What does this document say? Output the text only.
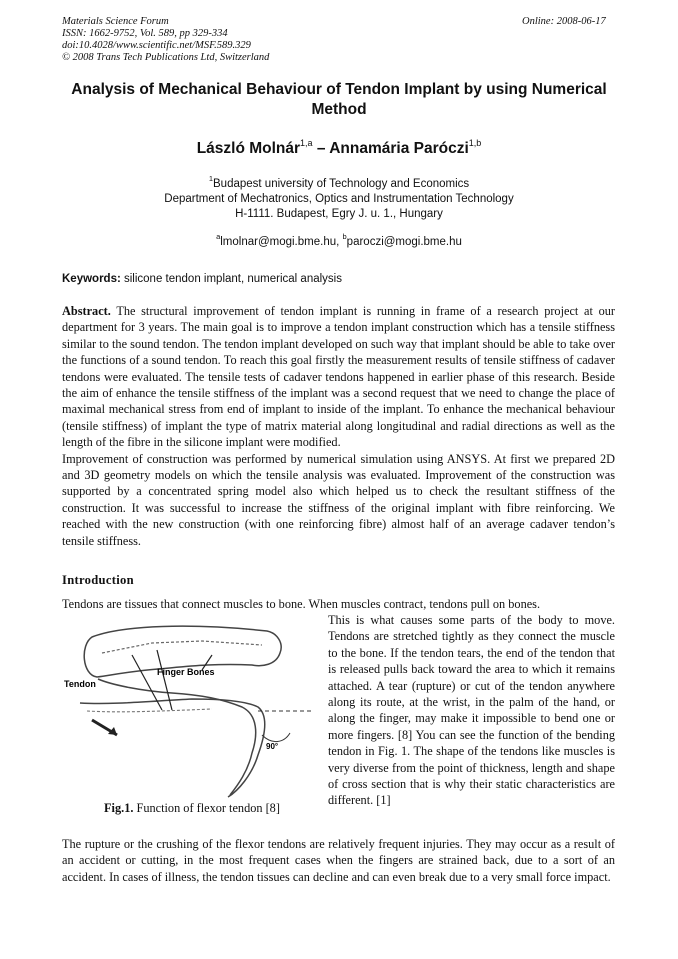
Materials Science Forum
ISSN: 1662-9752, Vol. 589, pp 329-334
doi:10.4028/www.scientific.net/MSF.589.329
© 2008 Trans Tech Publications Ltd, Switzerland
Online: 2008-06-17
Analysis of Mechanical Behaviour of Tendon Implant by using Numerical Method
László Molnár$^{1,a}$ – Annamária Paróczi$^{1,b}$
$^1$Budapest university of Technology and Economics
Department of Mechatronics, Optics and Instrumentation Technology
H-1111. Budapest, Egry J. u. 1., Hungary
$^a$lmolnar@mogi.bme.hu, $^b$paroczi@mogi.bme.hu
Keywords: silicone tendon implant, numerical analysis

Abstract. The structural improvement of tendon implant is running in frame of a research project at our department for 3 years. The main goal is to improve a tendon implant construction which has a tensile stiffness similar to the sound tendon. The tendon implant developed on such way that implant should be able to take over the functions of a sound tendon. To reach this goal firstly the measurement results of tensile stiffness of cadaver tendons were evaluated. The tensile tests of cadaver tendons happened in earlier phase of this research. Beside the aim of enhance the tensile stiffness of the implant was a second request that we need to change the place of maximal mechanical stress from end of implant to inside of the implant. To enhance the mechanical behaviour (tensile stiffness) of implant the type of matrix material along longitudinal and radial directions as well as the length of the fibre in the silicone implant were modified.

Improvement of construction was performed by numerical simulation using ANSYS. At first we prepared 2D and 3D geometry models on which the tensile analysis was evaluated. Improvement of the construction was supported by a concentrated spring model also which helped us to check the resultant stiffness of the construction. It was successful to increase the stiffness of the original implant with fibre reinforcing. We reached with the new construction (with one reinforcing fibre) almost half of an average cadaver tendon’s tensile stiffness.

Introduction
Tendons are tissues that connect muscles to bone. When muscles contract, tendons pull on bones.
Finger Bones
Tendon
90°
This is what causes some parts of the body to move. Tendons are stretched tightly as they connect the muscle to the bone. If the tendon tears, the end of the tendon that is released pulls back toward the area to which it remains attached. A tear (rupture) or cut of the tendon anywhere along its route, at the wrist, in the palm of the hand, or along the finger, may make it impossible to bend one or more fingers. [8] You can see the function of the bending tendon in Fig. 1. The shape of the tendons like muscles is very diverse from the point of thickness, length and shape of cross section that is why their static characteristics are different. [1]
Fig.1. Function of flexor tendon [8]
The rupture or the crushing of the flexor tendons are relatively frequent injuries. They may occur as a result of an accident or cutting, in the most frequent cases when the fingers are strained back, due to a sort of an accident. In cases of illness, the tendon tissues can decline and can even break due to a very small force impact.
